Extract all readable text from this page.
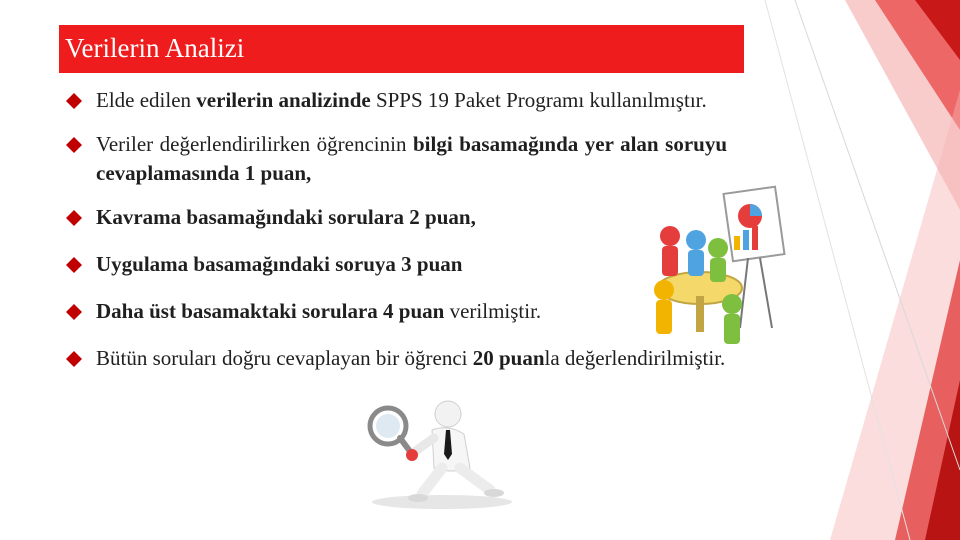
Verilerin Analizi
Elde edilen verilerin analizinde SPPS 19 Paket Programı kullanılmıştır.
Veriler değerlendirilirken öğrencinin bilgi basamağında yer alan soruyu cevaplamasında 1 puan,
Kavrama basamağındaki sorulara 2 puan,
Uygulama basamağındaki soruya 3 puan
Daha üst basamaktaki sorulara 4 puan verilmiştir.
Bütün soruları doğru cevaplayan bir öğrenci 20 puanla değerlendirilmiştir.
